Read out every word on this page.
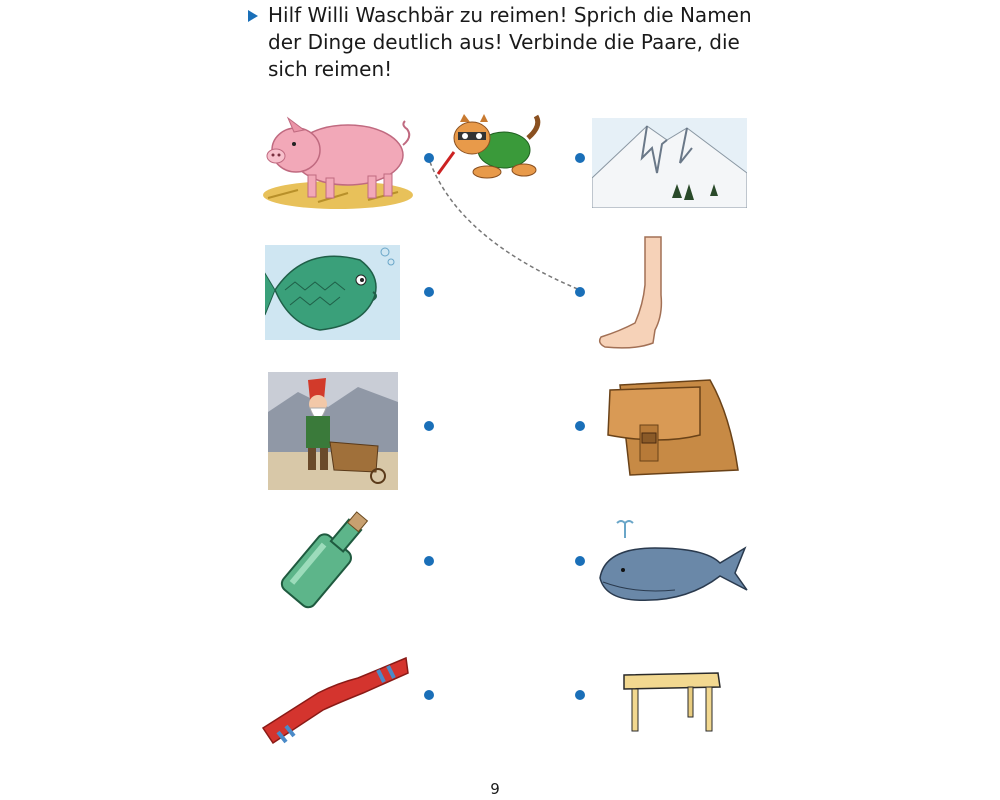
Hilf Willi Waschbär zu reimen! Sprich die Namen der Dinge deutlich aus! Verbinde die Paare, die sich reimen!
9
